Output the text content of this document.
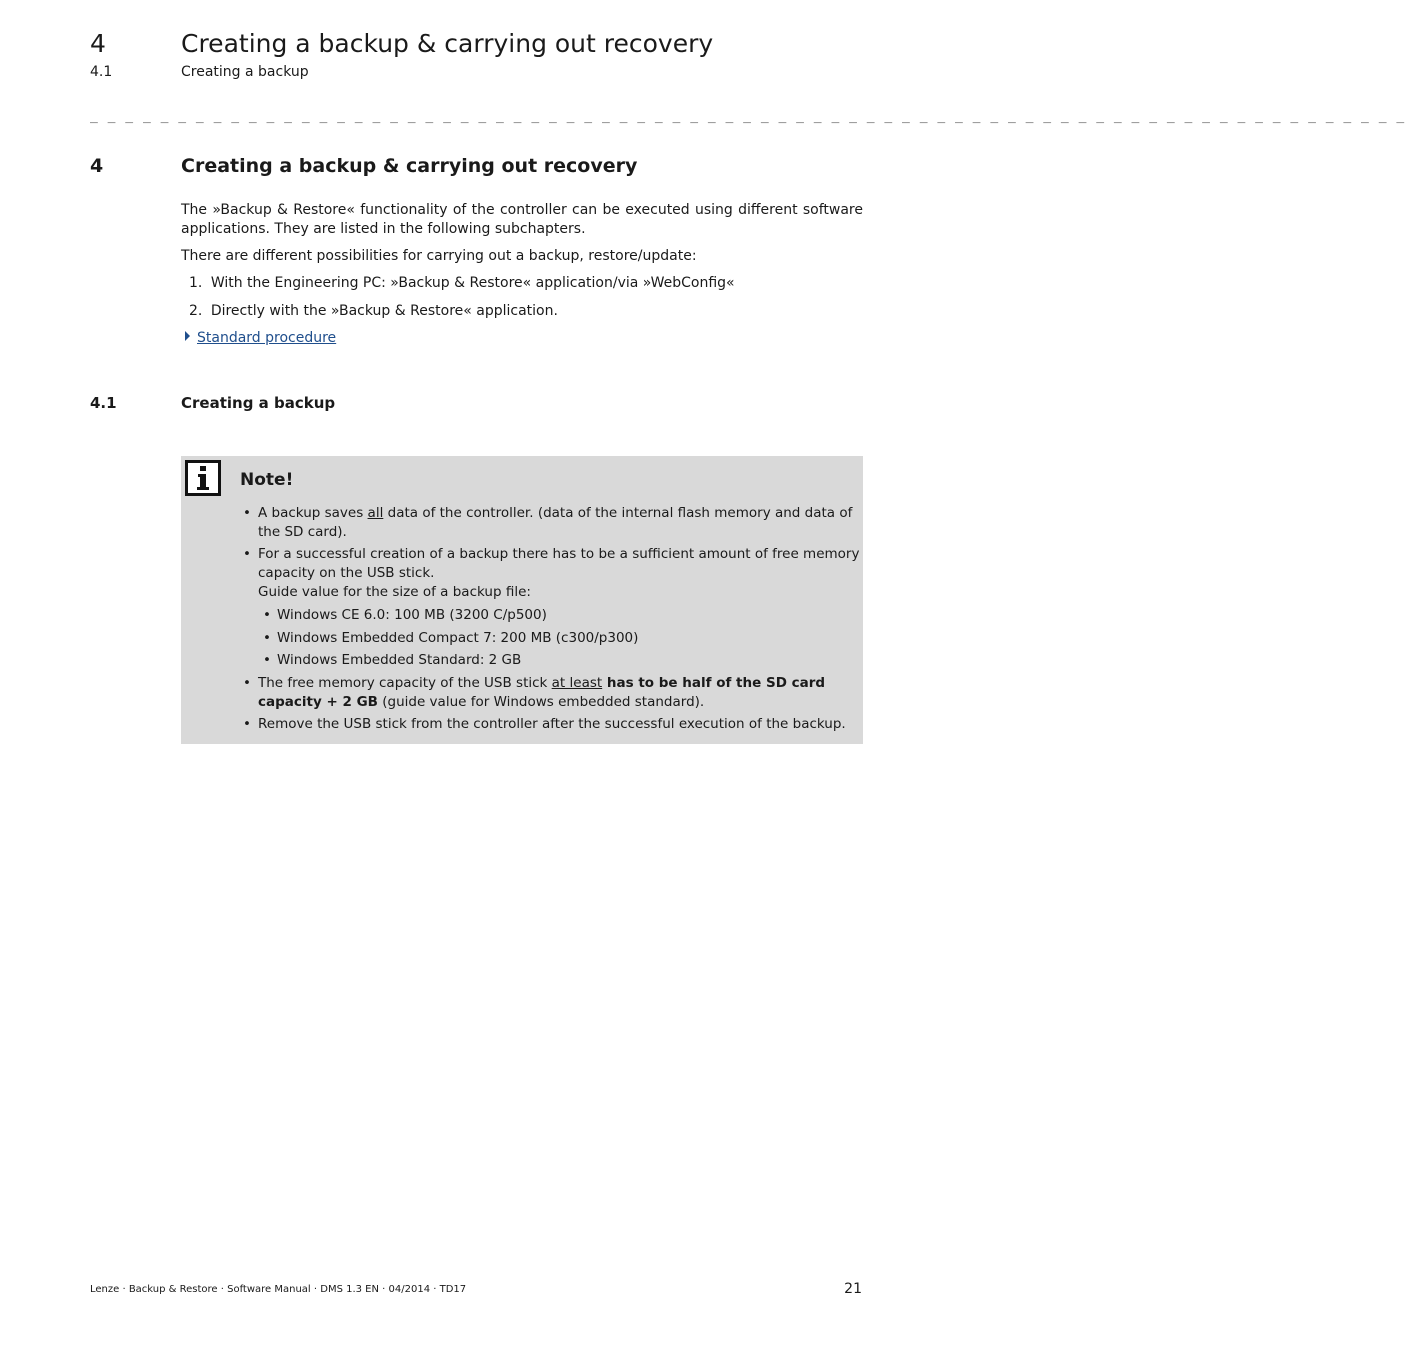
4	Creating a backup & carrying out recovery
4.1	Creating a backup
_ _ _ _ _ _ _ _ _ _ _ _ _ _ _ _ _ _ _ _ _ _ _ _ _ _ _ _ _ _ _ _ _ _ _ _ _ _ _ _ _ _ _ _ _ _ _ _ _ _ _ _ _ _ _ _ _ _ _ _ _ _ _ _ _ _ _ _ _ _ _ _ _ _ _
4	Creating a backup & carrying out recovery
The »Backup & Restore« functionality of the controller can be executed using different software applications. They are listed in the following subchapters.
There are different possibilities for carrying out a backup, restore/update:
1. With the Engineering PC: »Backup & Restore« application/via »WebConfig«
2. Directly with the »Backup & Restore« application.
Standard procedure
4.1	Creating a backup
Note!
• A backup saves all data of the controller. (data of the internal flash memory and data of the SD card).
• For a successful creation of a backup there has to be a sufficient amount of free memory capacity on the USB stick.
Guide value for the size of a backup file:
• Windows CE 6.0: 100 MB (3200 C/p500)
• Windows Embedded Compact 7: 200 MB (c300/p300)
• Windows Embedded Standard: 2 GB
• The free memory capacity of the USB stick at least has to be half of the SD card capacity + 2 GB (guide value for Windows embedded standard).
• Remove the USB stick from the controller after the successful execution of the backup.
Lenze · Backup & Restore · Software Manual · DMS 1.3 EN · 04/2014 · TD17	21
